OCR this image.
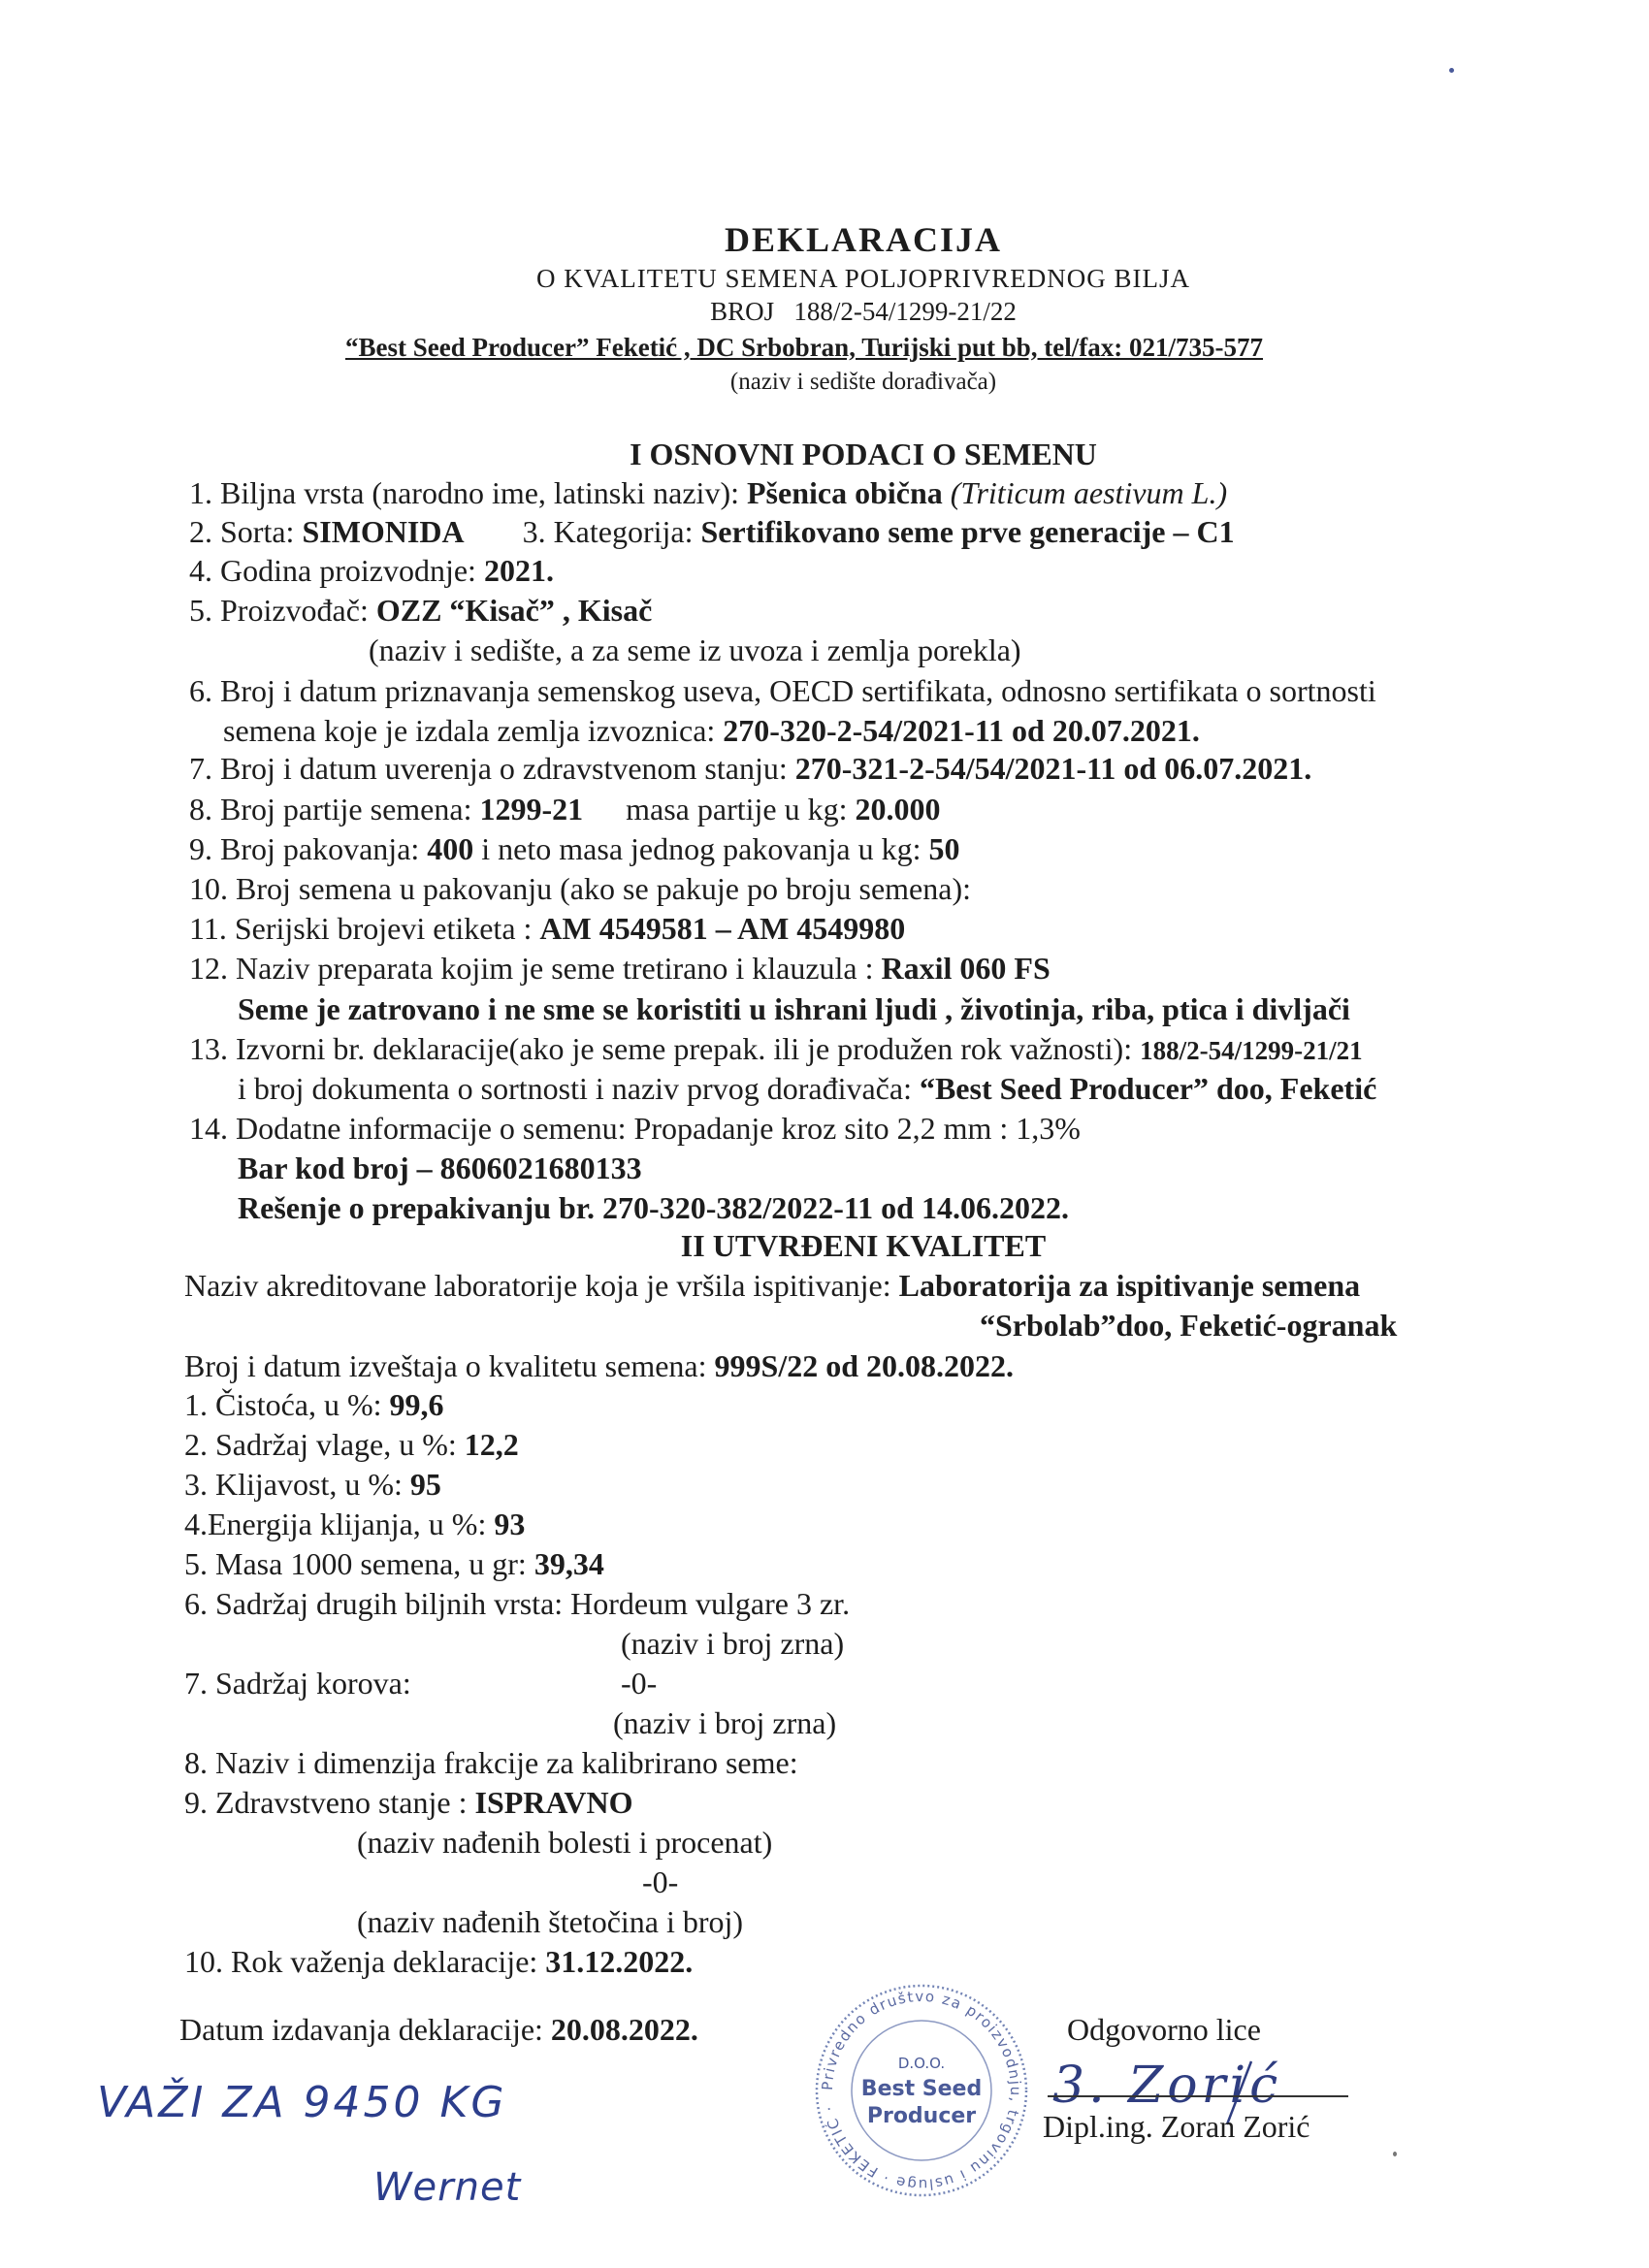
DEKLARACIJA
O KVALITETU SEMENA POLJOPRIVREDNOG BILJA
BROJ 188/2-54/1299-21/22
“Best Seed Producer” Feketić , DC Srbobran, Turijski put bb, tel/fax: 021/735-577
(naziv i sedište dorađivača)
I OSNOVNI PODACI O SEMENU
1. Biljna vrsta (narodno ime, latinski naziv): Pšenica obična (Triticum aestivum L.)
2. Sorta: SIMONIDA 3. Kategorija: Sertifikovano seme prve generacije – C1
4. Godina proizvodnje: 2021.
5. Proizvođač: OZZ “Kisač” , Kisač
(naziv i sedište, a za seme iz uvoza i zemlja porekla)
6. Broj i datum priznavanja semenskog useva, OECD sertifikata, odnosno sertifikata o sortnosti
semena koje je izdala zemlja izvoznica: 270-320-2-54/2021-11 od 20.07.2021.
7. Broj i datum uverenja o zdravstvenom stanju: 270-321-2-54/54/2021-11 od 06.07.2021.
8. Broj partije semena: 1299-21 masa partije u kg: 20.000
9. Broj pakovanja: 400 i neto masa jednog pakovanja u kg: 50
10. Broj semena u pakovanju (ako se pakuje po broju semena):
11. Serijski brojevi etiketa : AM 4549581 – AM 4549980
12. Naziv preparata kojim je seme tretirano i klauzula : Raxil 060 FS
Seme je zatrovano i ne sme se koristiti u ishrani ljudi , životinja, riba, ptica i divljači
13. Izvorni br. deklaracije(ako je seme prepak. ili je produžen rok važnosti): 188/2-54/1299-21/21
i broj dokumenta o sortnosti i naziv prvog dorađivača: “Best Seed Producer” doo, Feketić
14. Dodatne informacije o semenu: Propadanje kroz sito 2,2 mm : 1,3%
Bar kod broj – 8606021680133
Rešenje o prepakivanju br. 270-320-382/2022-11 od 14.06.2022.
II UTVRĐENI KVALITET
Naziv akreditovane laboratorije koja je vršila ispitivanje: Laboratorija za ispitivanje semena
“Srbolab”doo, Feketić-ogranak
Broj i datum izveštaja o kvalitetu semena: 999S/22 od 20.08.2022.
1. Čistoća, u %: 99,6
2. Sadržaj vlage, u %: 12,2
3. Klijavost, u %: 95
4.Energija klijanja, u %: 93
5. Masa 1000 semena, u gr: 39,34
6. Sadržaj drugih biljnih vrsta: Hordeum vulgare 3 zr.
(naziv i broj zrna)
7. Sadržaj korova:	-0-
(naziv i broj zrna)
8. Naziv i dimenzija frakcije za kalibrirano seme:
9. Zdravstveno stanje : ISPRAVNO
(naziv nađenih bolesti i procenat)
-0-
(naziv nađenih štetočina i broj)
10. Rok važenja deklaracije: 31.12.2022.
Datum izdavanja deklaracije: 20.08.2022.	Odgovorno lice
Privredno društvo za proizvodnju, trgovinu i usluge · FEKETIĆ ·
D.O.O.
Best Seed
Producer
3. Zorić
Dipl.ing. Zoran Zorić
VAŽI ZA 9450 KG
Wernet
